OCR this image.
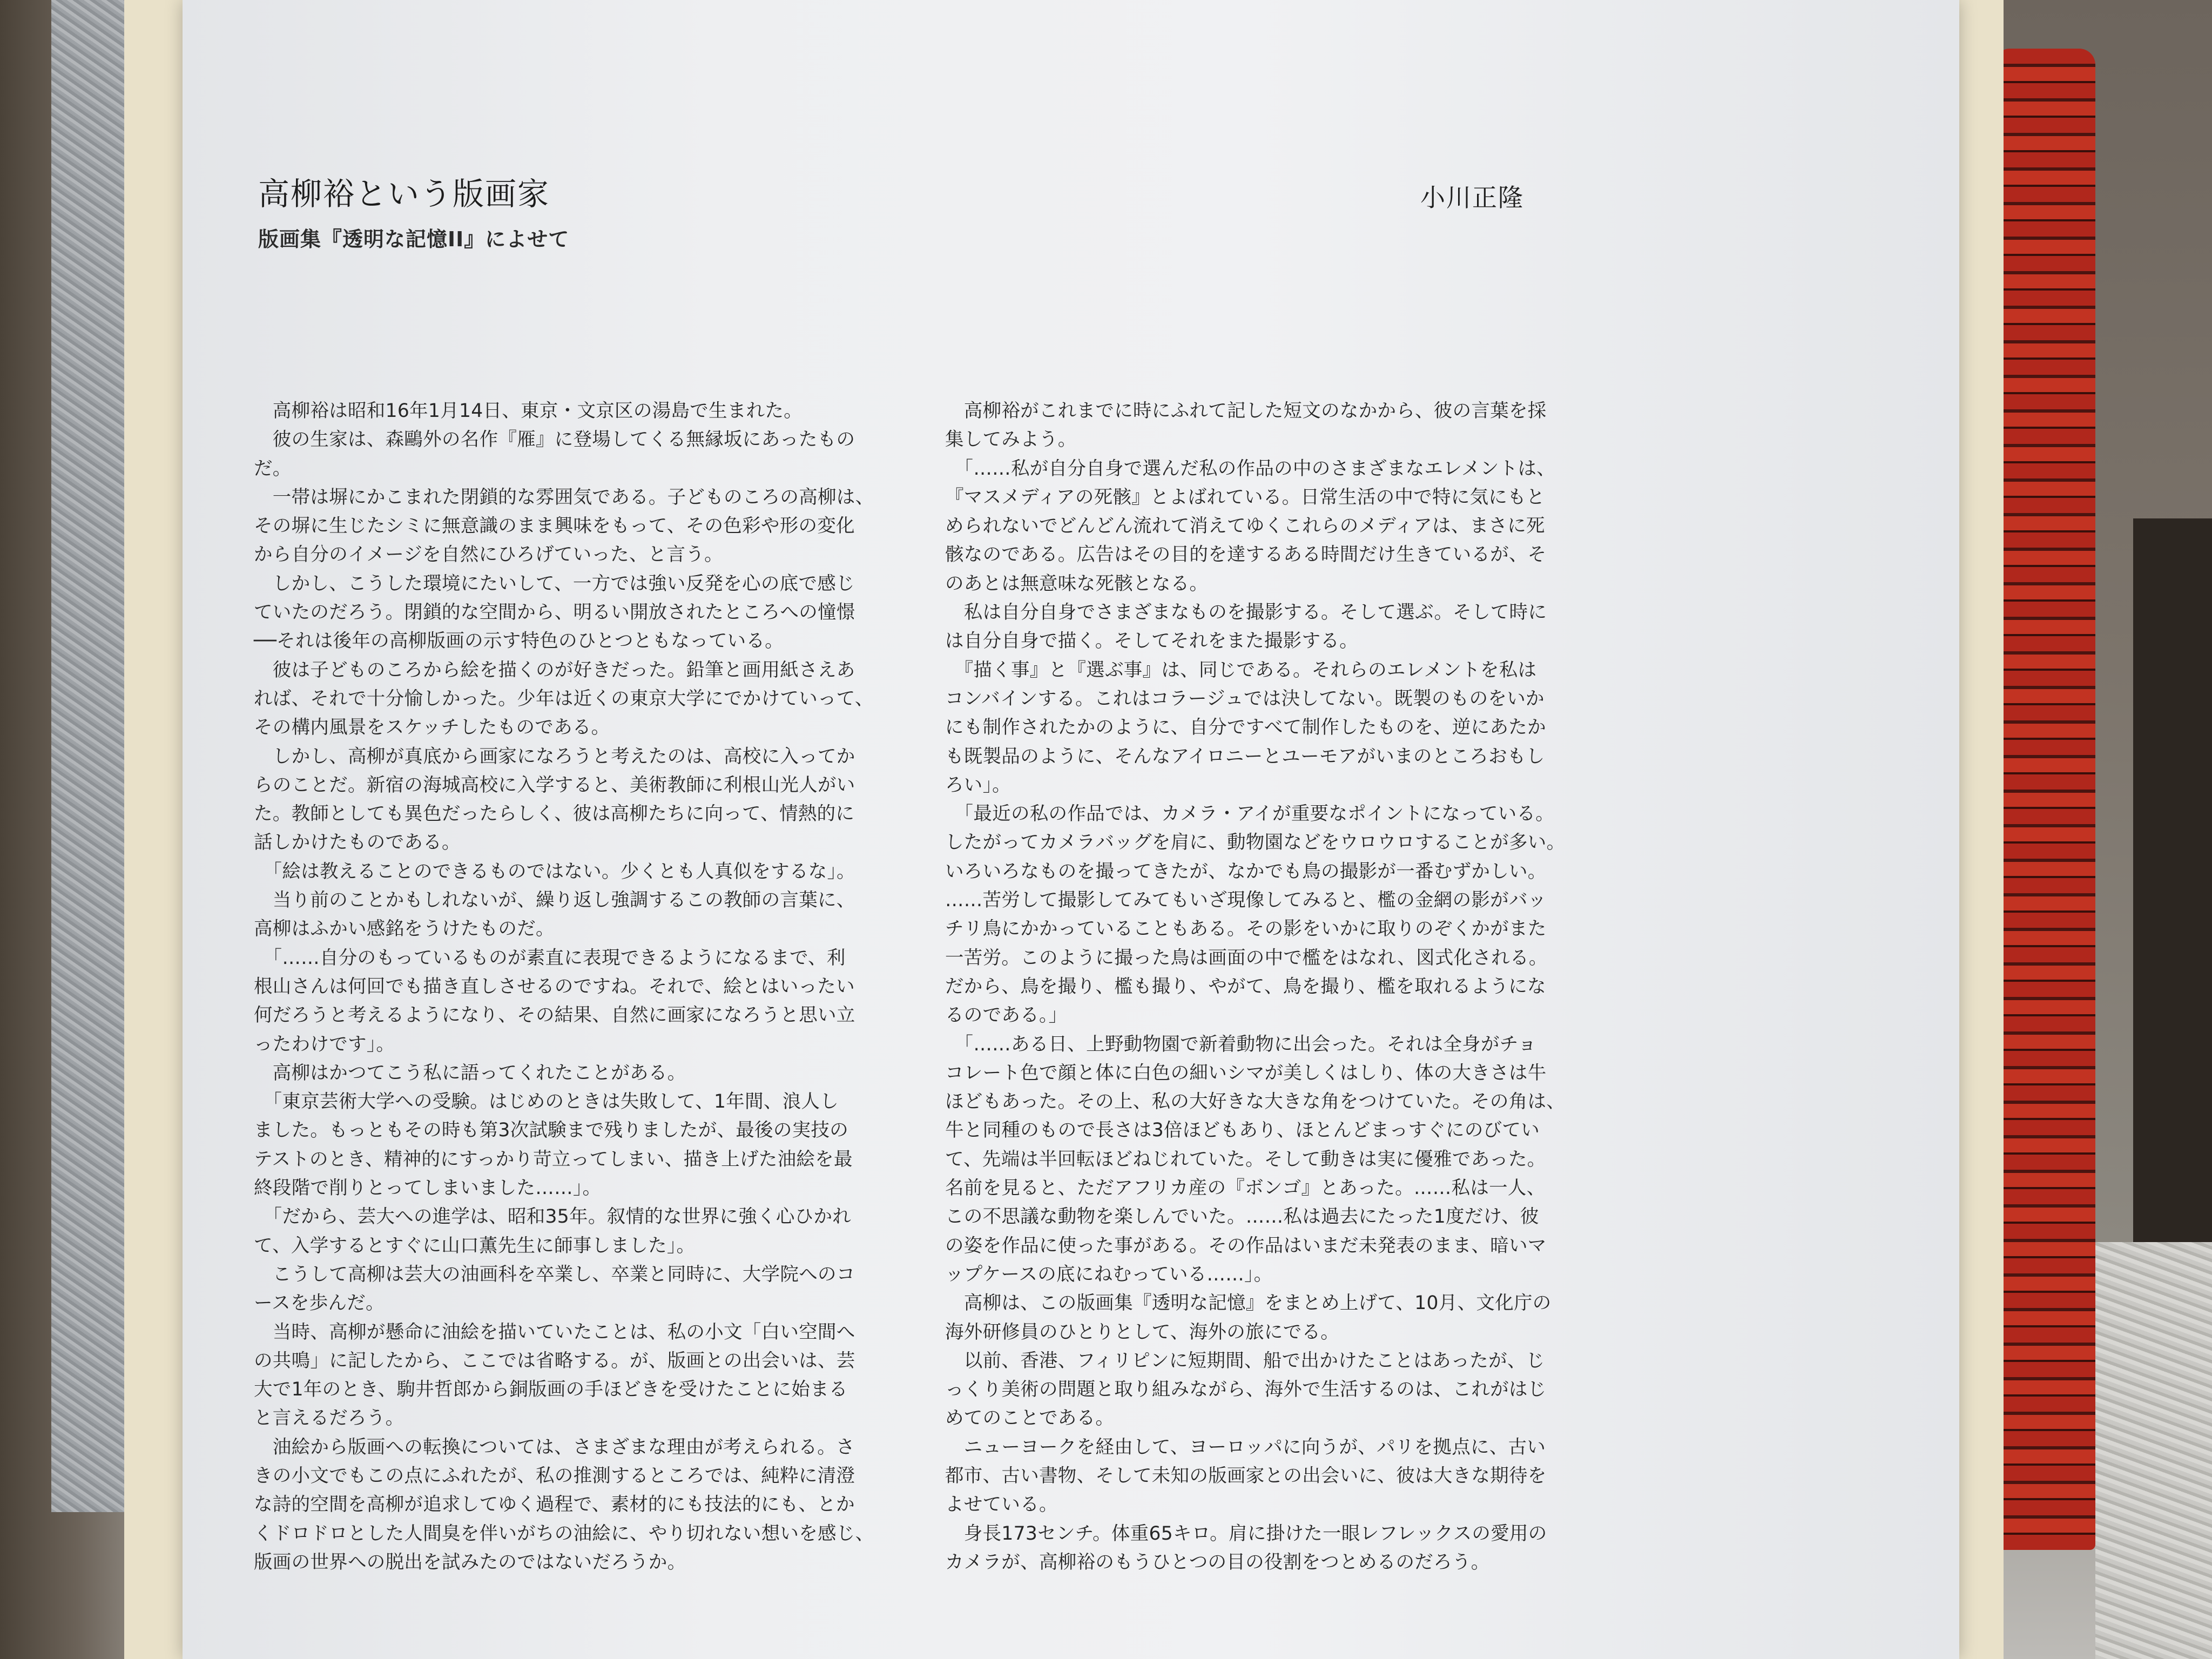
高柳裕という版画家
版画集『透明な記憶II』によせて
小川正隆

　高柳裕は昭和16年1月14日、東京・文京区の湯島で生まれた。

　彼の生家は、森鷗外の名作『雁』に登場してくる無縁坂にあったもの

だ。

　一帯は塀にかこまれた閉鎖的な雰囲気である。子どものころの高柳は、

その塀に生じたシミに無意識のまま興味をもって、その色彩や形の変化

から自分のイメージを自然にひろげていった、と言う。

　しかし、こうした環境にたいして、一方では強い反発を心の底で感じ

ていたのだろう。閉鎖的な空間から、明るい開放されたところへの憧憬

──それは後年の高柳版画の示す特色のひとつともなっている。

　彼は子どものころから絵を描くのが好きだった。鉛筆と画用紙さえあ

れば、それで十分愉しかった。少年は近くの東京大学にでかけていって、

その構内風景をスケッチしたものである。

　しかし、高柳が真底から画家になろうと考えたのは、高校に入ってか

らのことだ。新宿の海城高校に入学すると、美術教師に利根山光人がい

た。教師としても異色だったらしく、彼は高柳たちに向って、情熱的に

話しかけたものである。

　「絵は教えることのできるものではない。少くとも人真似をするな」。

　当り前のことかもしれないが、繰り返し強調するこの教師の言葉に、

高柳はふかい感銘をうけたものだ。

　「……自分のもっているものが素直に表現できるようになるまで、利

根山さんは何回でも描き直しさせるのですね。それで、絵とはいったい

何だろうと考えるようになり、その結果、自然に画家になろうと思い立

ったわけです」。

　高柳はかつてこう私に語ってくれたことがある。

　「東京芸術大学への受験。はじめのときは失敗して、1年間、浪人し

ました。もっともその時も第3次試験まで残りましたが、最後の実技の

テストのとき、精神的にすっかり苛立ってしまい、描き上げた油絵を最

終段階で削りとってしまいました……」。

　「だから、芸大への進学は、昭和35年。叙情的な世界に強く心ひかれ

て、入学するとすぐに山口薫先生に師事しました」。

　こうして高柳は芸大の油画科を卒業し、卒業と同時に、大学院へのコ

ースを歩んだ。

　当時、高柳が懸命に油絵を描いていたことは、私の小文「白い空間へ

の共鳴」に記したから、ここでは省略する。が、版画との出会いは、芸

大で1年のとき、駒井哲郎から銅版画の手ほどきを受けたことに始まる

と言えるだろう。

　油絵から版画への転換については、さまざまな理由が考えられる。さ

きの小文でもこの点にふれたが、私の推測するところでは、純粋に清澄

な詩的空間を高柳が追求してゆく過程で、素材的にも技法的にも、とか

くドロドロとした人間臭を伴いがちの油絵に、やり切れない想いを感じ、

版画の世界への脱出を試みたのではないだろうか。

　高柳裕がこれまでに時にふれて記した短文のなかから、彼の言葉を採

集してみよう。

　「……私が自分自身で選んだ私の作品の中のさまざまなエレメントは、

『マスメディアの死骸』とよばれている。日常生活の中で特に気にもと

められないでどんどん流れて消えてゆくこれらのメディアは、まさに死

骸なのである。広告はその目的を達するある時間だけ生きているが、そ

のあとは無意味な死骸となる。

　私は自分自身でさまざまなものを撮影する。そして選ぶ。そして時に

は自分自身で描く。そしてそれをまた撮影する。

　『描く事』と『選ぶ事』は、同じである。それらのエレメントを私は

コンバインする。これはコラージュでは決してない。既製のものをいか

にも制作されたかのように、自分ですべて制作したものを、逆にあたか

も既製品のように、そんなアイロニーとユーモアがいまのところおもし

ろい」。

　「最近の私の作品では、カメラ・アイが重要なポイントになっている。

したがってカメラバッグを肩に、動物園などをウロウロすることが多い。

いろいろなものを撮ってきたが、なかでも鳥の撮影が一番むずかしい。

……苦労して撮影してみてもいざ現像してみると、檻の金網の影がバッ

チリ鳥にかかっていることもある。その影をいかに取りのぞくかがまた

一苦労。このように撮った鳥は画面の中で檻をはなれ、図式化される。

だから、鳥を撮り、檻も撮り、やがて、鳥を撮り、檻を取れるようにな

るのである。」

　「……ある日、上野動物園で新着動物に出会った。それは全身がチョ

コレート色で顔と体に白色の細いシマが美しくはしり、体の大きさは牛

ほどもあった。その上、私の大好きな大きな角をつけていた。その角は、

牛と同種のもので長さは3倍ほどもあり、ほとんどまっすぐにのびてい

て、先端は半回転ほどねじれていた。そして動きは実に優雅であった。

名前を見ると、ただアフリカ産の『ボンゴ』とあった。……私は一人、

この不思議な動物を楽しんでいた。……私は過去にたった1度だけ、彼

の姿を作品に使った事がある。その作品はいまだ未発表のまま、暗いマ

ップケースの底にねむっている……」。

　高柳は、この版画集『透明な記憶』をまとめ上げて、10月、文化庁の

海外研修員のひとりとして、海外の旅にでる。

　以前、香港、フィリピンに短期間、船で出かけたことはあったが、じ

っくり美術の問題と取り組みながら、海外で生活するのは、これがはじ

めてのことである。

　ニューヨークを経由して、ヨーロッパに向うが、パリを拠点に、古い

都市、古い書物、そして未知の版画家との出会いに、彼は大きな期待を

よせている。

　身長173センチ。体重65キロ。肩に掛けた一眼レフレックスの愛用の

カメラが、高柳裕のもうひとつの目の役割をつとめるのだろう。
